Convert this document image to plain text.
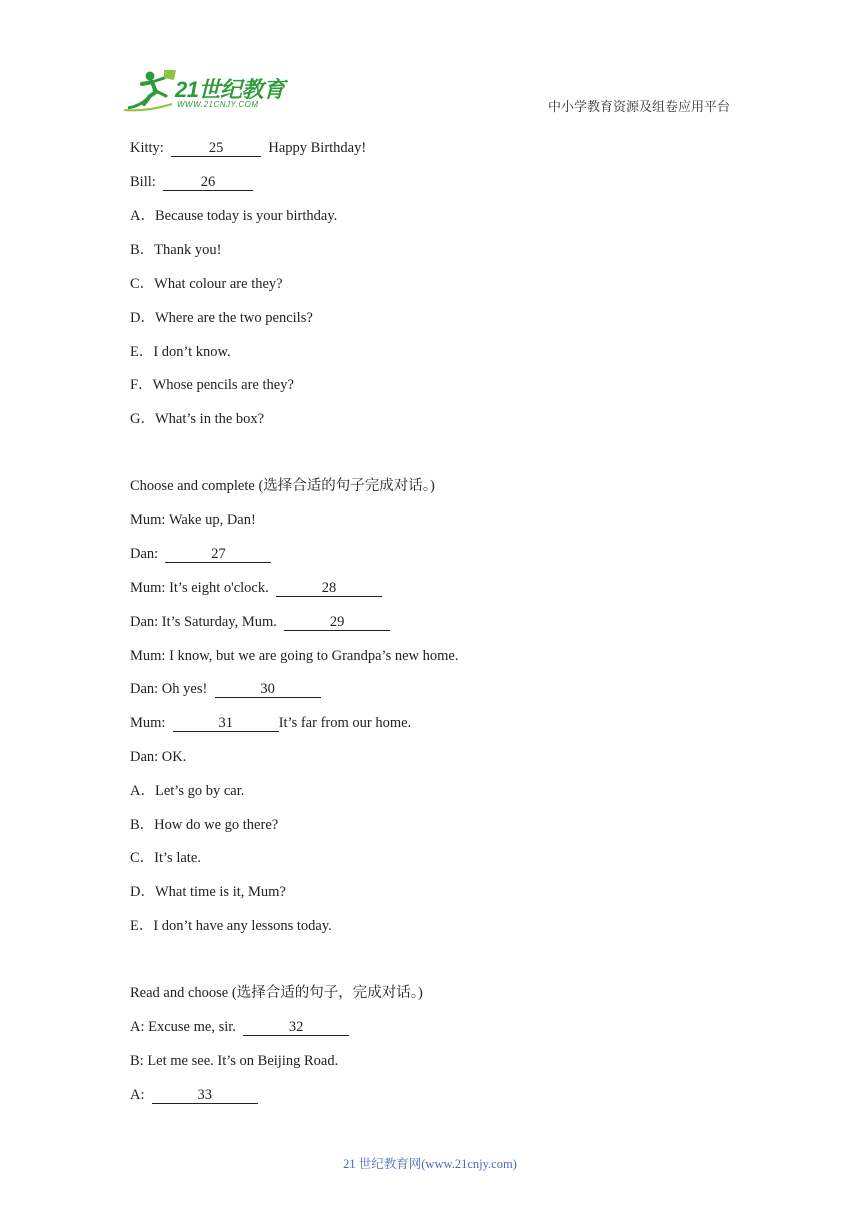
21世纪教育
WWW.21CNJY.COM	中小学教育资源及组卷应用平台
Kitty:	25	Happy Birthday!
Bill:	26
A．Because today is your birthday.
B．Thank you!
C．What colour are they?
D．Where are the two pencils?
E．I don’t know.
F．Whose pencils are they?
G．What’s in the box?
Choose and complete (选择合适的句子完成对话。)
Mum: Wake up, Dan!
Dan:	27
Mum: It’s eight o'clock.	28
Dan: It’s Saturday, Mum.	29
Mum: I know, but we are going to Grandpa’s new home.
Dan: Oh yes!	30
Mum:	31	It’s far from our home.
Dan: OK.
A．Let’s go by car.
B．How do we go there?
C．It’s late.
D．What time is it, Mum?
E．I don’t have any lessons today.
Read and choose (选择合适的句子，完成对话。)
A: Excuse me, sir.	32
B: Let me see. It’s on Beijing Road.
A:	33
21 世纪教育网(www.21cnjy.com)
